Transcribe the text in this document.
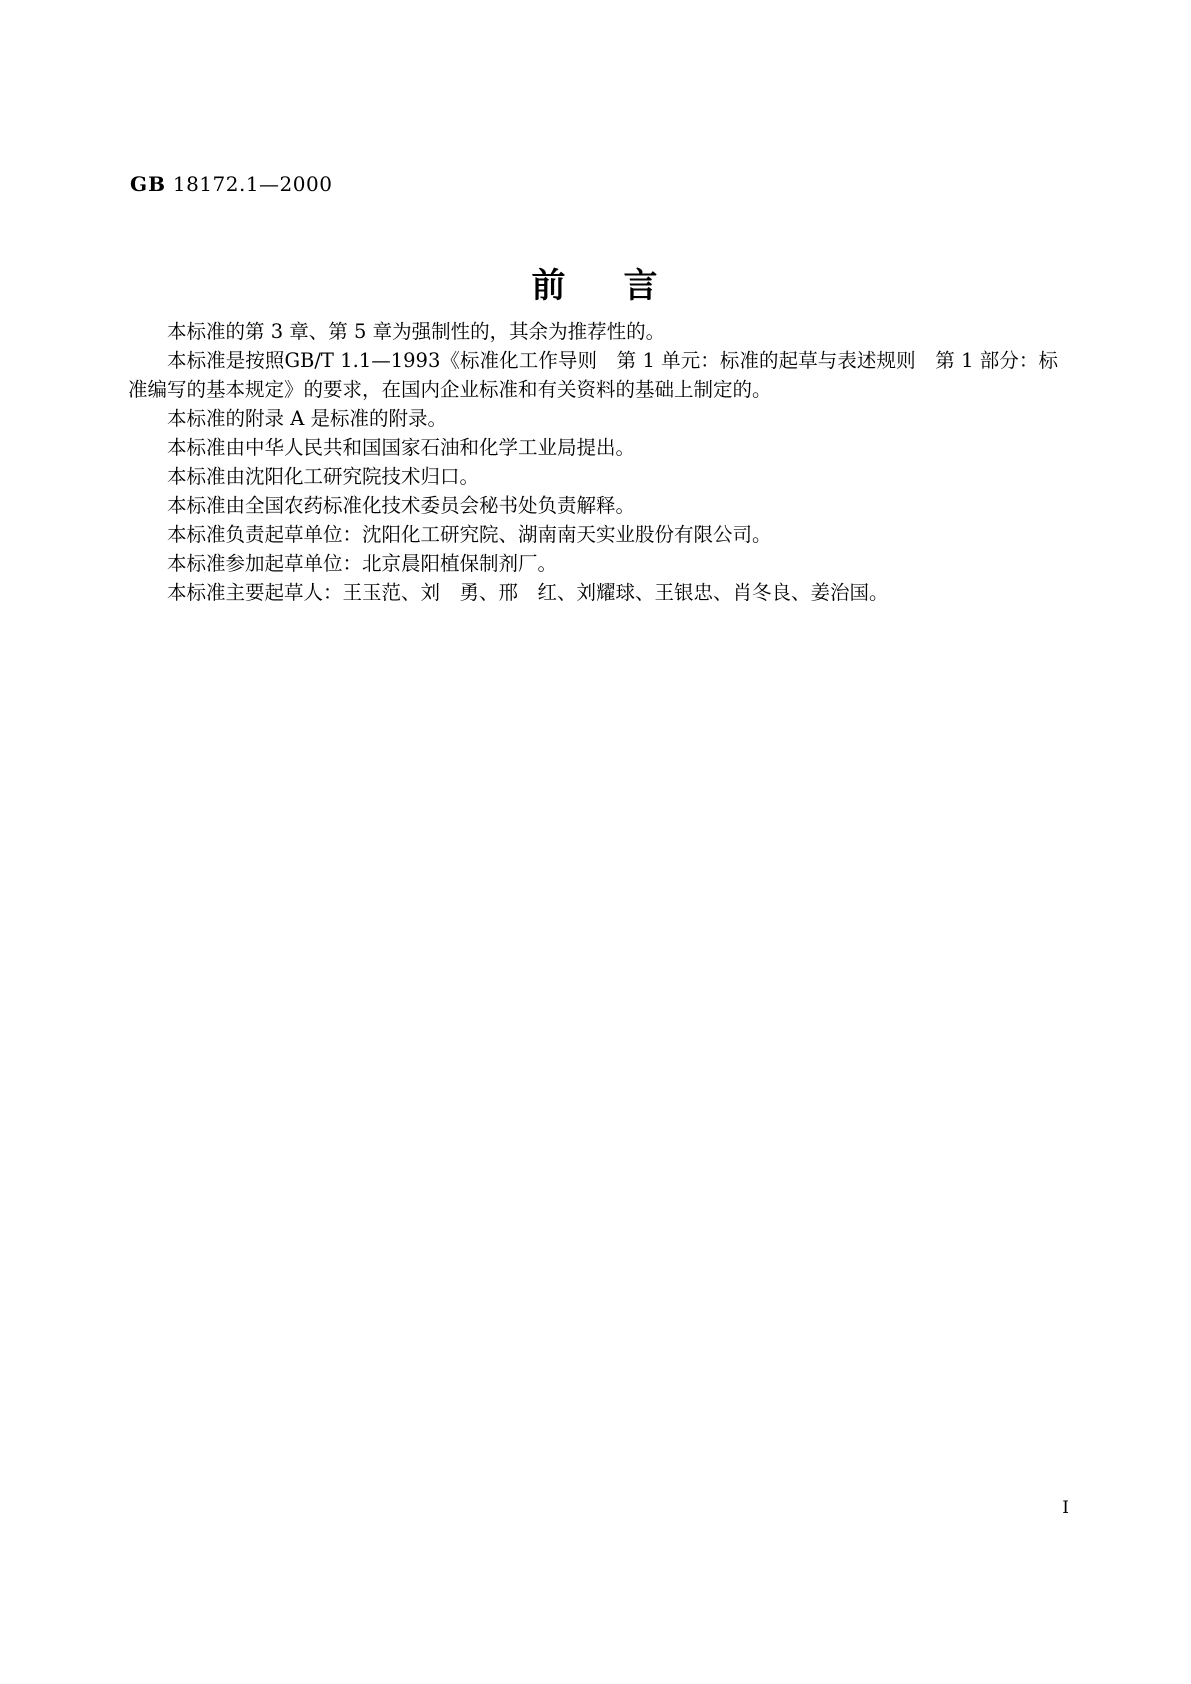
GB 18172.1—2000
前 言

本标准的第 3 章、第 5 章为强制性的，其余为推荐性的。

本标准是按照GB/T 1.1—1993《标准化工作导则　第 1 单元：标准的起草与表述规则　第 1 部分：标准编写的基本规定》的要求，在国内企业标准和有关资料的基础上制定的。

本标准的附录 A 是标准的附录。

本标准由中华人民共和国国家石油和化学工业局提出。

本标准由沈阳化工研究院技术归口。

本标准由全国农药标准化技术委员会秘书处负责解释。

本标准负责起草单位：沈阳化工研究院、湖南南天实业股份有限公司。

本标准参加起草单位：北京晨阳植保制剂厂。

本标准主要起草人：王玉范、刘　勇、邢　红、刘耀球、王银忠、肖冬良、姜治国。

Ⅰ
